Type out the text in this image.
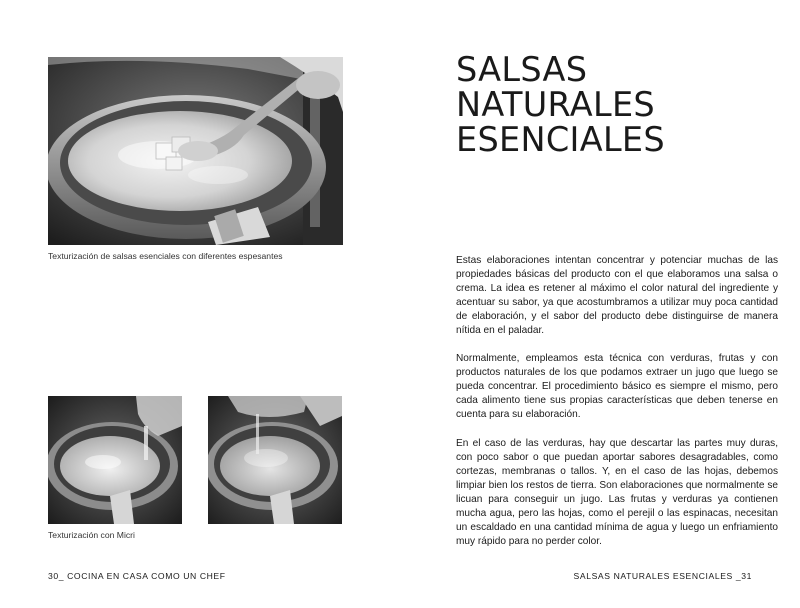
Texturización de salsas esenciales con diferentes espesantes
Texturización con Micri
30_ COCINA EN CASA COMO UN CHEF
SALSAS NATURALES
ESENCIALES

Estas elaboraciones intentan concentrar y potenciar muchas de las propiedades básicas del producto con el que elaboramos una salsa o crema. La idea es retener al máximo el color natural del ingrediente y acentuar su sabor, ya que acostumbramos a utilizar muy poca cantidad de elaboración, y el sabor del producto debe distinguirse de manera nítida en el paladar.

Normalmente, empleamos esta técnica con verduras, frutas y con productos naturales de los que podamos extraer un jugo que luego se pueda concentrar. El procedimiento básico es siempre el mismo, pero cada alimento tiene sus propias características que deben tenerse en cuenta para su elaboración.

En el caso de las verduras, hay que descartar las partes muy duras, con poco sabor o que puedan aportar sabores desagradables, como cortezas, membranas o tallos. Y, en el caso de las hojas, debemos limpiar bien los restos de tierra. Son elaboraciones que normalmente se licuan para conseguir un jugo. Las frutas y verduras ya contienen mucha agua, pero las hojas, como el perejil o las espinacas, necesitan un escaldado en una cantidad mínima de agua y luego un enfriamiento muy rápido para no perder color.

SALSAS NATURALES ESENCIALES _31
